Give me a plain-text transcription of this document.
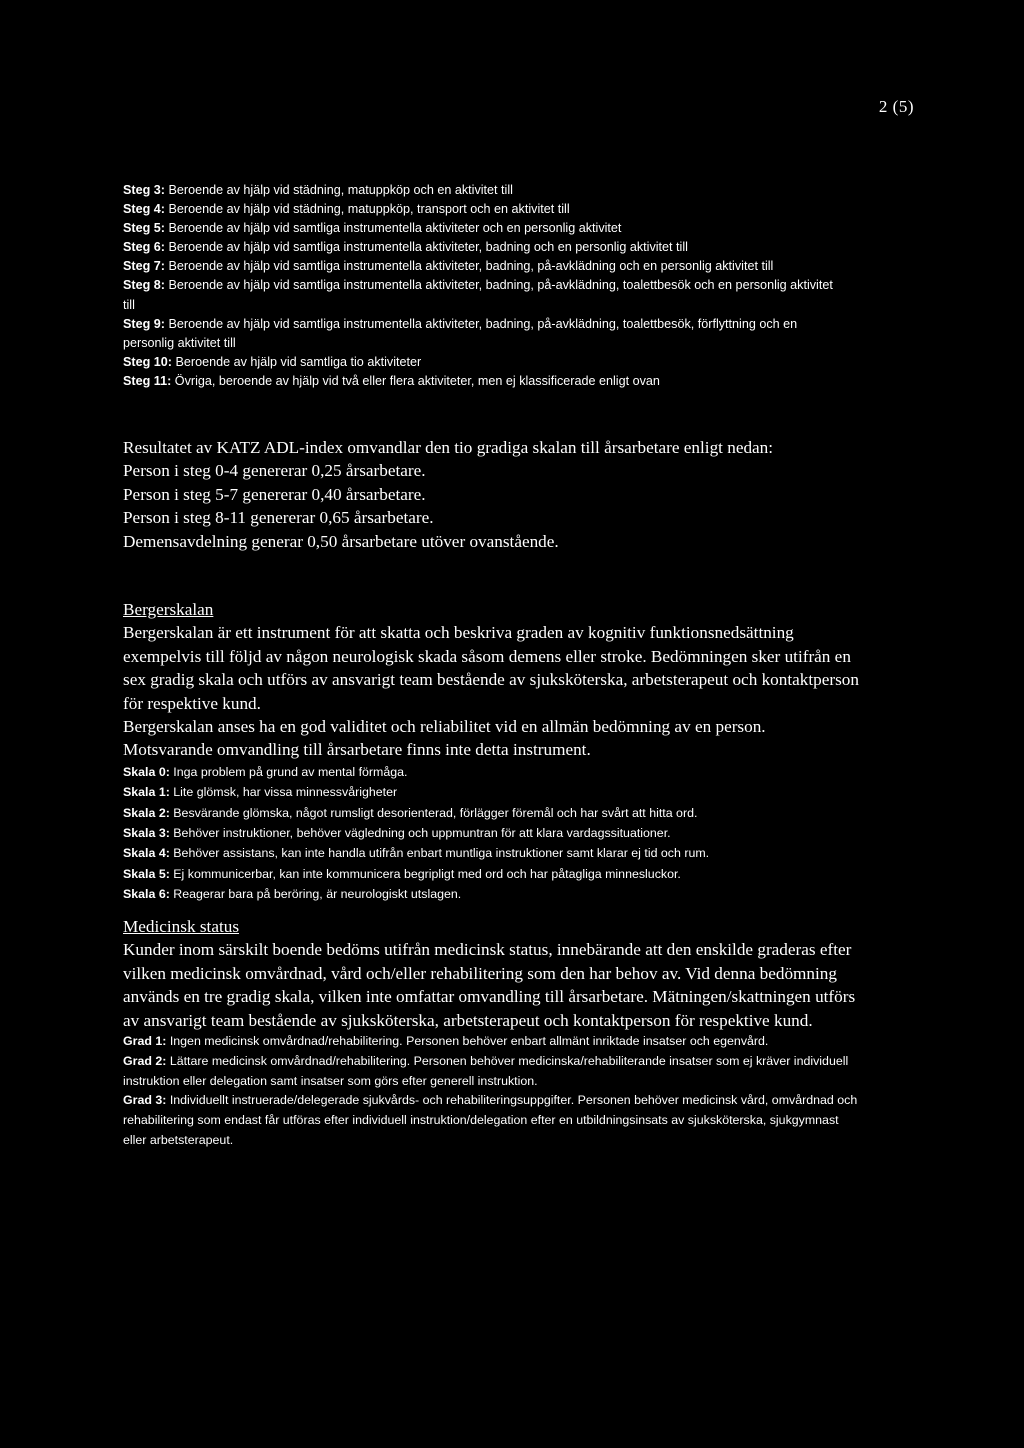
2 (5)

Steg 3: Beroende av hjälp vid städning, matuppköp och en aktivitet till

Steg 4: Beroende av hjälp vid städning, matuppköp, transport och en aktivitet till

Steg 5: Beroende av hjälp vid samtliga instrumentella aktiviteter och en personlig aktivitet

Steg 6: Beroende av hjälp vid samtliga instrumentella aktiviteter, badning och en personlig aktivitet till

Steg 7: Beroende av hjälp vid samtliga instrumentella aktiviteter, badning, på-avklädning och en personlig aktivitet till

Steg 8: Beroende av hjälp vid samtliga instrumentella aktiviteter, badning, på-avklädning, toalettbesök och en personlig aktivitet till

Steg 9: Beroende av hjälp vid samtliga instrumentella aktiviteter, badning, på-avklädning, toalettbesök, förflyttning och en personlig aktivitet till

Steg 10: Beroende av hjälp vid samtliga tio aktiviteter

Steg 11: Övriga, beroende av hjälp vid två eller flera aktiviteter, men ej klassificerade enligt ovan

Resultatet av KATZ ADL-index omvandlar den tio gradiga skalan till årsarbetare enligt nedan:

Person i steg 0-4 genererar 0,25 årsarbetare.

Person i steg 5-7 genererar 0,40 årsarbetare.

Person i steg 8-11 genererar 0,65 årsarbetare.

Demensavdelning generar 0,50 årsarbetare utöver ovanstående.

Bergerskalan

Bergerskalan är ett instrument för att skatta och beskriva graden av kognitiv funktionsnedsättning exempelvis till följd av någon neurologisk skada såsom demens eller stroke. Bedömningen sker utifrån en sex gradig skala och utförs av ansvarigt team bestående av sjuksköterska, arbetsterapeut och kontaktperson för respektive kund.

Bergerskalan anses ha en god validitet och reliabilitet vid en allmän bedömning av en person.

Motsvarande omvandling till årsarbetare finns inte detta instrument.

Skala 0: Inga problem på grund av mental förmåga.

Skala 1: Lite glömsk, har vissa minnessvårigheter

Skala 2: Besvärande glömska, något rumsligt desorienterad, förlägger föremål och har svårt att hitta ord.

Skala 3: Behöver instruktioner, behöver vägledning och uppmuntran för att klara vardagssituationer.

Skala 4: Behöver assistans, kan inte handla utifrån enbart muntliga instruktioner samt klarar ej tid och rum.

Skala 5: Ej kommunicerbar, kan inte kommunicera begripligt med ord och har påtagliga minnesluckor.

Skala 6: Reagerar bara på beröring, är neurologiskt utslagen.

Medicinsk status

Kunder inom särskilt boende bedöms utifrån medicinsk status, innebärande att den enskilde graderas efter vilken medicinsk omvårdnad, vård och/eller rehabilitering som den har behov av. Vid denna bedömning används en tre gradig skala, vilken inte omfattar omvandling till årsarbetare. Mätningen/skattningen utförs av ansvarigt team bestående av sjuksköterska, arbetsterapeut och kontaktperson för respektive kund.

Grad 1: Ingen medicinsk omvårdnad/rehabilitering. Personen behöver enbart allmänt inriktade insatser och egenvård.

Grad 2: Lättare medicinsk omvårdnad/rehabilitering. Personen behöver medicinska/rehabiliterande insatser som ej kräver individuell instruktion eller delegation samt insatser som görs efter generell instruktion.

Grad 3: Individuellt instruerade/delegerade sjukvårds- och rehabiliteringsuppgifter. Personen behöver medicinsk vård, omvårdnad och rehabilitering som endast får utföras efter individuell instruktion/delegation efter en utbildningsinsats av sjuksköterska, sjukgymnast eller arbetsterapeut.
